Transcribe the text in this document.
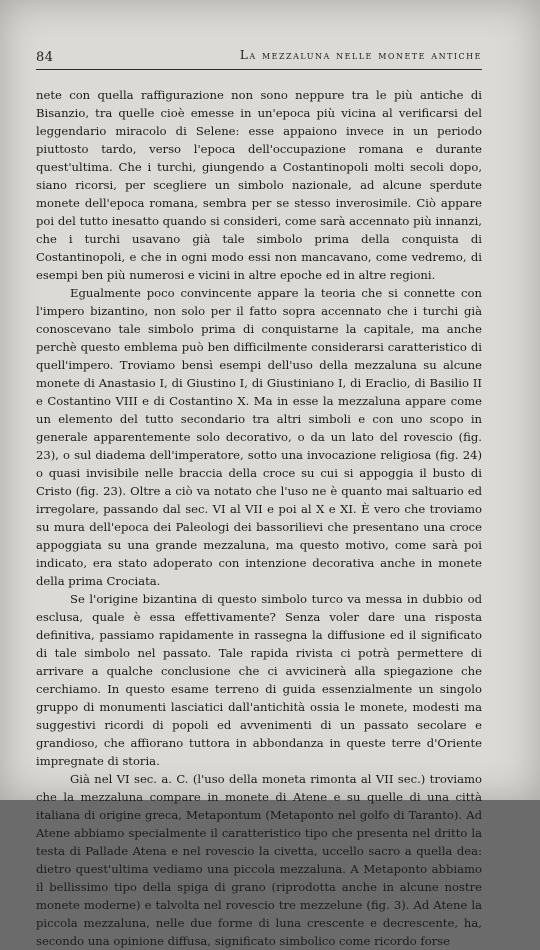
84	La mezzaluna nelle monete antiche

nete con quella raffigurazione non sono neppure tra le più antiche di Bisanzio, tra quelle cioè emesse in un'epoca più vicina al verificarsi del leggendario miracolo di Selene: esse appaiono invece in un periodo piuttosto tardo, verso l'epoca dell'occupazione romana e durante quest'ultima. Che i turchi, giungendo a Costantinopoli molti secoli dopo, siano ricorsi, per scegliere un simbolo nazionale, ad alcune sperdute monete dell'epoca romana, sembra per se stesso inverosimile. Ciò appare poi del tutto inesatto quando si consideri, come sarà accennato più innanzi, che i turchi usavano già tale simbolo prima della conquista di Costantinopoli, e che in ogni modo essi non mancavano, come vedremo, di esempi ben più numerosi e vicini in altre epoche ed in altre regioni.

Egualmente poco convincente appare la teoria che si connette con l'impero bizantino, non solo per il fatto sopra accennato che i turchi già conoscevano tale simbolo prima di conquistarne la capitale, ma anche perchè questo emblema può ben difficilmente considerarsi caratteristico di quell'impero. Troviamo bensì esempi dell'uso della mezzaluna su alcune monete di Anastasio I, di Giustino I, di Giustiniano I, di Eraclio, di Basilio II e Costantino VIII e di Costantino X. Ma in esse la mezzaluna appare come un elemento del tutto secondario tra altri simboli e con uno scopo in generale apparentemente solo decorativo, o da un lato del rovescio (fig. 23), o sul diadema dell'imperatore, sotto una invocazione religiosa (fig. 24) o quasi invisibile nelle braccia della croce su cui si appoggia il busto di Cristo (fig. 23). Oltre a ciò va notato che l'uso ne è quanto mai saltuario ed irregolare, passando dal sec. VI al VII e poi al X e XI. È vero che troviamo su mura dell'epoca dei Paleologi dei bassorilievi che presentano una croce appoggiata su una grande mezzaluna, ma questo motivo, come sarà poi indicato, era stato adoperato con intenzione decorativa anche in monete della prima Crociata.

Se l'origine bizantina di questo simbolo turco va messa in dubbio od esclusa, quale è essa effettivamente? Senza voler dare una risposta definitiva, passiamo rapidamente in rassegna la diffusione ed il significato di tale simbolo nel passato. Tale rapida rivista ci potrà permettere di arrivare a qualche conclusione che ci avvicinerà alla spiegazione che cerchiamo. In questo esame terreno di guida essenzialmente un singolo gruppo di monumenti lasciatici dall'antichità ossia le monete, modesti ma suggestivi ricordi di popoli ed avvenimenti di un passato secolare e grandioso, che affiorano tuttora in abbondanza in queste terre d'Oriente impregnate di storia.

Già nel VI sec. a. C. (l'uso della moneta rimonta al VII sec.) troviamo che la mezzaluna compare in monete di Atene e su quelle di una città italiana di origine greca, Metapontum (Metaponto nel golfo di Taranto). Ad Atene abbiamo specialmente il caratteristico tipo che presenta nel dritto la testa di Pallade Atena e nel rovescio la civetta, uccello sacro a quella dea: dietro quest'ultima vediamo una piccola mezzaluna. A Metaponto abbiamo il bellissimo tipo della spiga di grano (riprodotta anche in alcune nostre monete moderne) e talvolta nel rovescio tre mezzelune (fig. 3). Ad Atene la piccola mezzaluna, nelle due forme di luna crescente e decrescente, ha, secondo una opinione diffusa, significato simbolico come ricordo forse
